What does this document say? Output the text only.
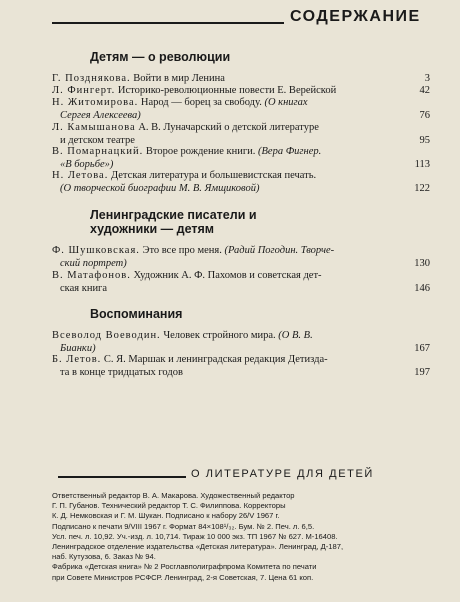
СОДЕРЖАНИЕ
Детям — о революции
Г. Позднякова. Войти в мир Ленина	3
Л. Фингерт. Историко-революционные повести Е. Верейской	42
Н. Житомирова. Народ — борец за свободу. (О книгах
Сергея Алексеева)	76
Л. Камышанова А. В. Луначарский о детской литературе
и детском театре	95
В. Помарнацкий. Второе рождение книги. (Вера Фигнер.
«В борьбе»)	113
Н. Летова. Детская литература и большевистская печать.
(О творческой биографии М. В. Ямщиковой)	122
Ленинградские писатели и
художники — детям
Ф. Шушковская. Это все про меня. (Радий Погодин. Творче-
ский портрет)	130
В. Матафонов. Художник А. Ф. Пахомов и советская дет-
ская книга	146
Воспоминания
Всеволод Воеводин. Человек стройного мира. (О В. В.
Бианки)	167
Б. Летов. С. Я. Маршак и ленинградская редакция Детизда-
та в конце тридцатых годов	197
О ЛИТЕРАТУРЕ ДЛЯ ДЕТЕЙ
Ответственный редактор В. А. Макарова. Художественный редактор
Г. П. Губанов. Технический редактор Т. С. Филиппова. Корректоры
К. Д. Немковская и Г. М. Шукан. Подписано к набору 26/V 1967 г.
Подписано к печати 9/VIII 1967 г. Формат 84×108¹/₃₂. Бум. № 2. Печ. л. 6,5.
Усл. печ. л. 10,92. Уч.-изд. л. 10,714. Тираж 10 000 экз. ТП 1967 № 627. М-16408.
Ленинградское отделение издательства «Детская литература». Ленинград, Д-187,
наб. Кутузова, 6. Заказ № 94.
Фабрика «Детская книга» № 2 Росглавполиграфпрома Комитета по печати
при Совете Министров РСФСР. Ленинград, 2-я Советская, 7. Цена 61 коп.
